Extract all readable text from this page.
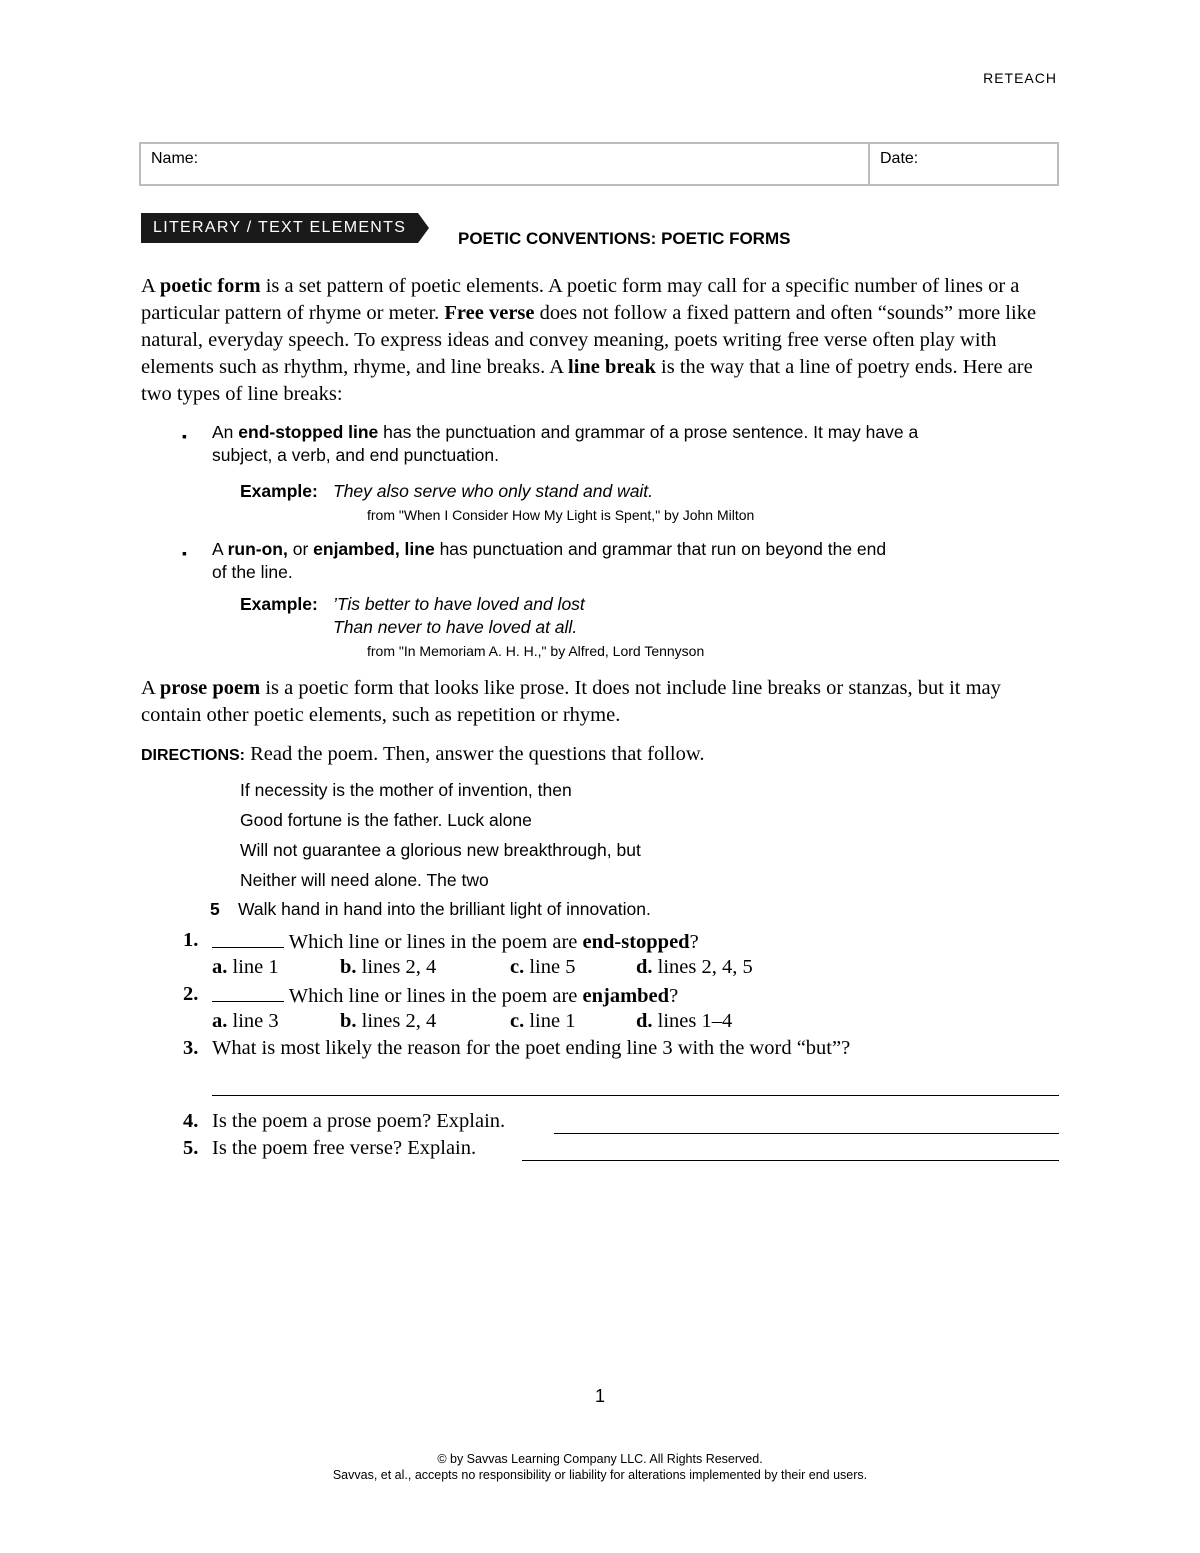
RETEACH
Name:	Date:
LITERARY / TEXT ELEMENTS
POETIC CONVENTIONS: POETIC FORMS
A poetic form is a set pattern of poetic elements. A poetic form may call for a specific number of lines or a particular pattern of rhyme or meter. Free verse does not follow a fixed pattern and often “sounds” more like natural, everyday speech. To express ideas and convey meaning, poets writing free verse often play with elements such as rhythm, rhyme, and line breaks. A line break is the way that a line of poetry ends. Here are two types of line breaks:
▪ An end-stopped line has the punctuation and grammar of a prose sentence. It may have a
subject, a verb, and end punctuation.
Example: They also serve who only stand and wait.
from "When I Consider How My Light is Spent," by John Milton
▪ A run-on, or enjambed, line has punctuation and grammar that run on beyond the end
of the line.
Example: ’Tis better to have loved and lost
Than never to have loved at all.
from "In Memoriam A. H. H.," by Alfred, Lord Tennyson
A prose poem is a poetic form that looks like prose. It does not include line breaks or stanzas, but it may contain other poetic elements, such as repetition or rhyme.
DIRECTIONS: Read the poem. Then, answer the questions that follow.
If necessity is the mother of invention, then
Good fortune is the father. Luck alone
Will not guarantee a glorious new breakthrough, but
Neither will need alone. The two
5 Walk hand in hand into the brilliant light of innovation.
1.	Which line or lines in the poem are end-stopped?
a. line 1	b. lines 2, 4	c. line 5	d. lines 2, 4, 5
2.	Which line or lines in the poem are enjambed?
a. line 3	b. lines 2, 4	c. line 1	d. lines 1–4
3. What is most likely the reason for the poet ending line 3 with the word “but”?
4. Is the poem a prose poem? Explain.
5. Is the poem free verse? Explain.
1
© by Savvas Learning Company LLC. All Rights Reserved.
Savvas, et al., accepts no responsibility or liability for alterations implemented by their end users.
